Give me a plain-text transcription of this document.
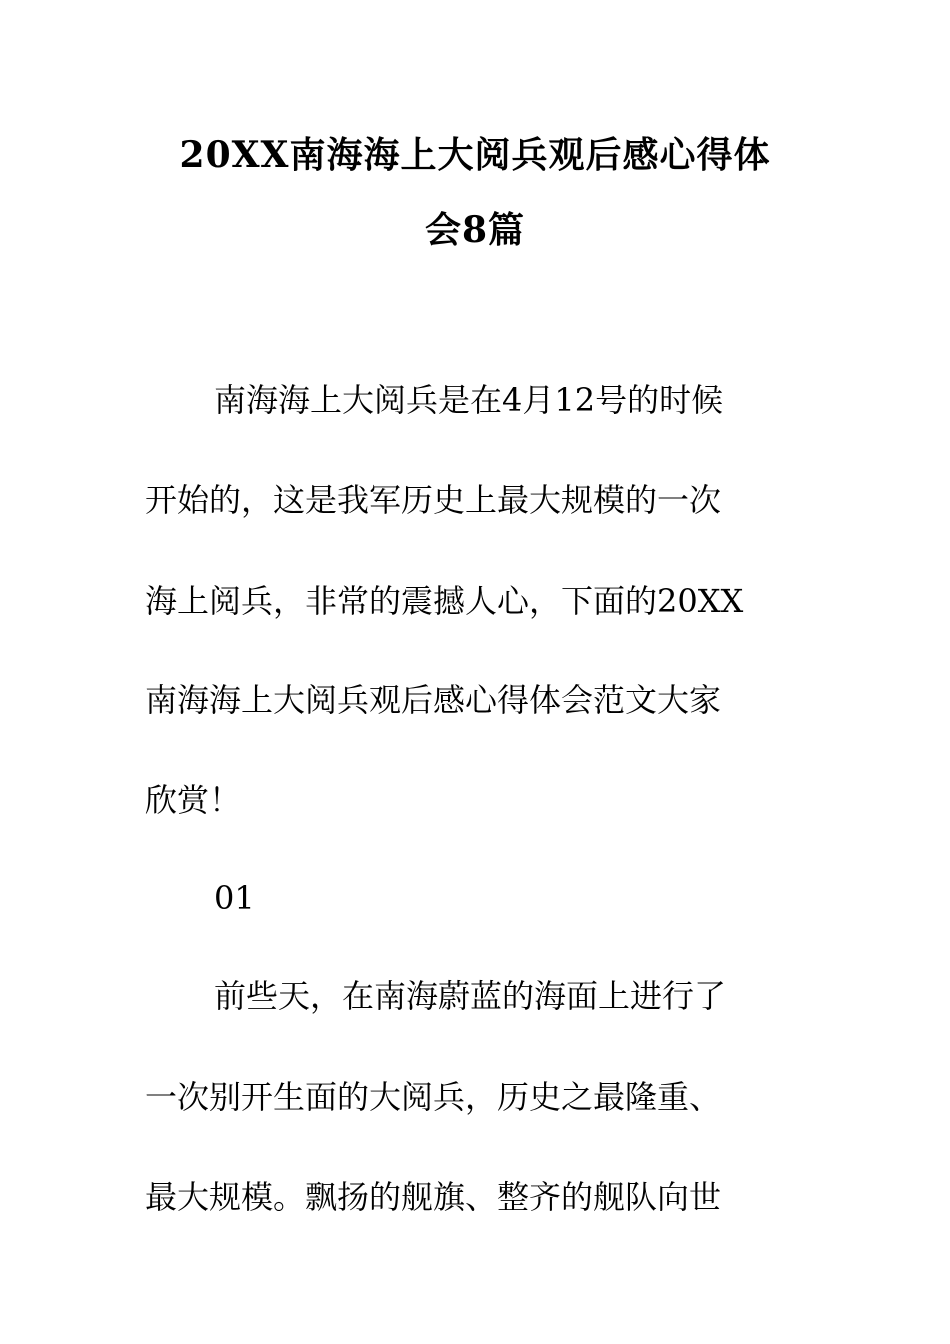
20XX南海海上大阅兵观后感心得体
会8篇

南海海上大阅兵是在4月12号的时候

开始的，这是我军历史上最大规模的一次

海上阅兵，非常的震撼人心，下面的20XX

南海海上大阅兵观后感心得体会范文大家

欣赏！

01

前些天，在南海蔚蓝的海面上进行了

一次别开生面的大阅兵，历史之最隆重、

最大规模。飘扬的舰旗、整齐的舰队向世
